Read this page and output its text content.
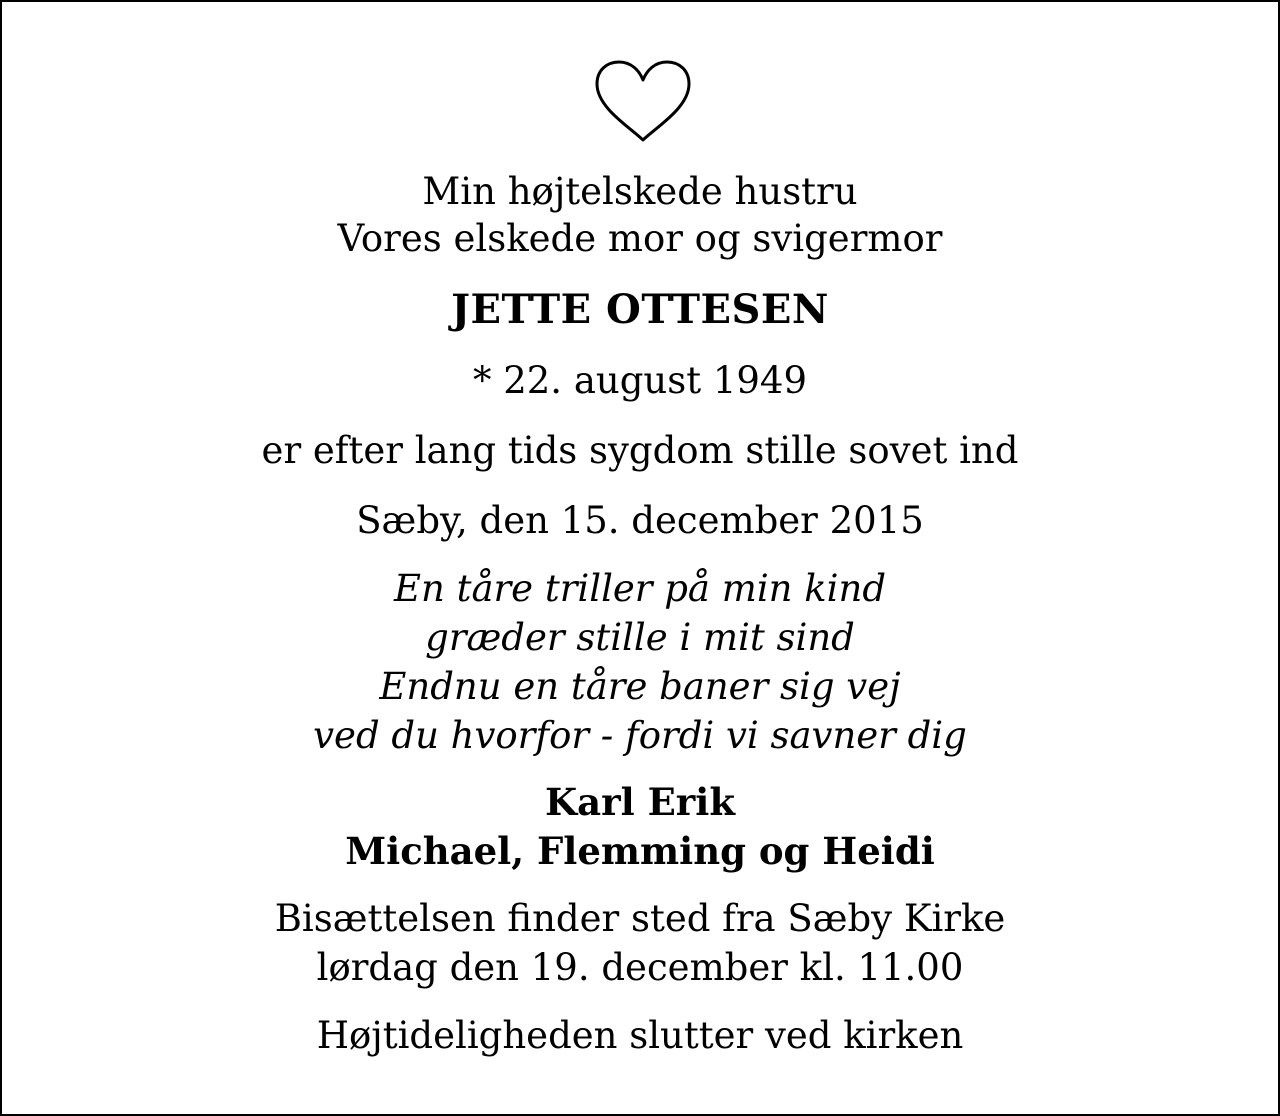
Min højtelskede hustru
Vores elskede mor og svigermor
JETTE OTTESEN
* 22. august 1949
er efter lang tids sygdom stille sovet ind
Sæby, den 15. december 2015
En tåre triller på min kind
græder stille i mit sind
Endnu en tåre baner sig vej
ved du hvorfor - fordi vi savner dig
Karl Erik
Michael, Flemming og Heidi
Bisættelsen finder sted fra Sæby Kirke
lørdag den 19. december kl. 11.00
Højtideligheden slutter ved kirken
